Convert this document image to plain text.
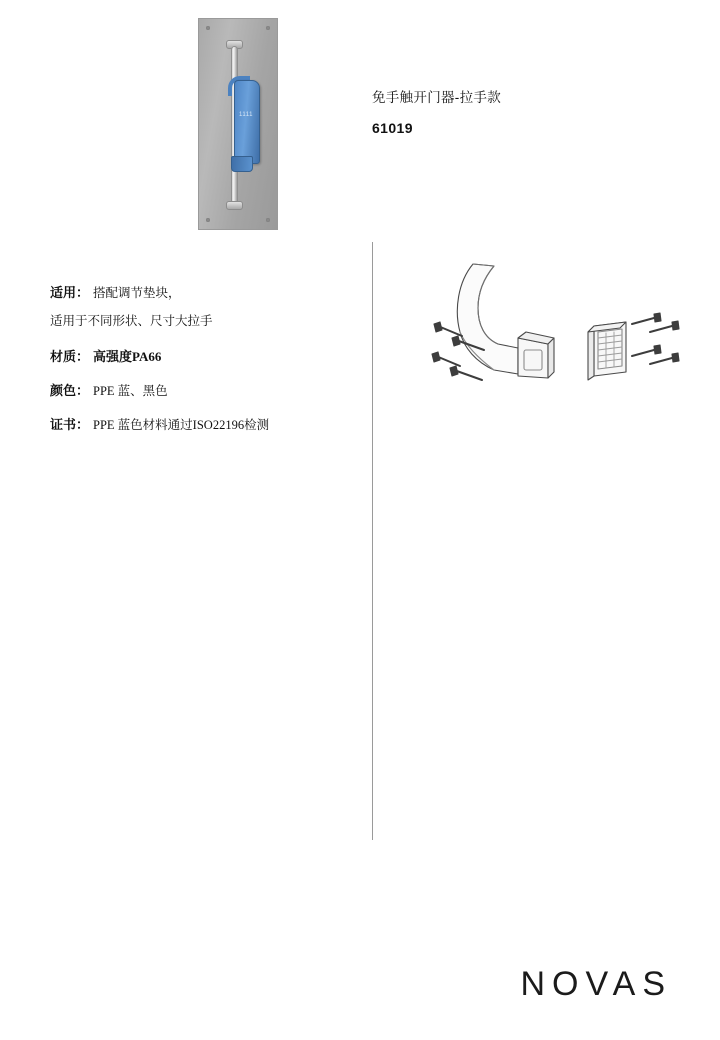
1111
免手触开门器-拉手款
61019
适用： 搭配调节垫块，
适用于不同形状、尺寸大拉手
材质： 高强度PA66
颜色： PPE 蓝、黑色
证书： PPE 蓝色材料通过ISO22196检测
NOVAS
